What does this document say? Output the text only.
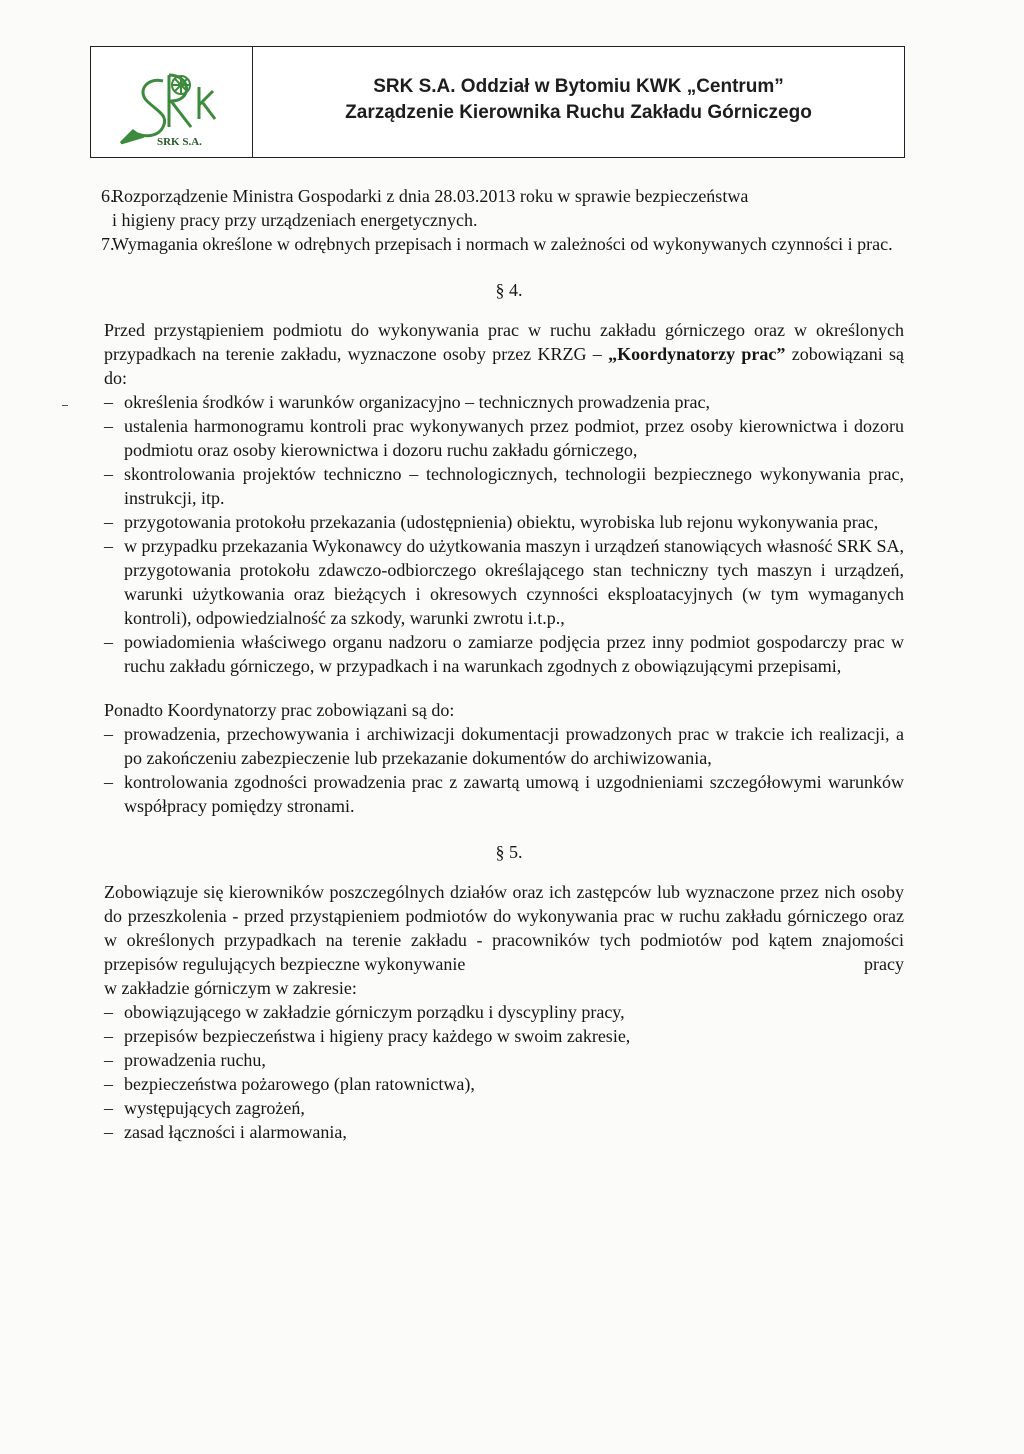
SRK S.A.
SRK S.A. Oddział w Bytomiu KWK „Centrum”
Zarządzenie Kierownika Ruchu Zakładu Górniczego
6.
Rozporządzenie Ministra Gospodarki z dnia 28.03.2013 roku w sprawie bezpieczeństwa
i higieny pracy przy urządzeniach energetycznych.
7.
Wymagania określone w odrębnych przepisach i normach w zależności od wykonywanych czynności i prac.
§ 4.
Przed przystąpieniem podmiotu do wykonywania prac w ruchu zakładu górniczego oraz w określonych przypadkach na terenie zakładu, wyznaczone osoby przez KRZG – „Koordynatorzy prac” zobowiązani są do:
– określenia środków i warunków organizacyjno – technicznych prowadzenia prac,
– ustalenia harmonogramu kontroli prac wykonywanych przez podmiot, przez osoby kierownictwa i dozoru podmiotu oraz osoby kierownictwa i dozoru ruchu zakładu górniczego,
– skontrolowania projektów techniczno – technologicznych, technologii bezpiecznego wykonywania prac, instrukcji, itp.
– przygotowania protokołu przekazania (udostępnienia) obiektu, wyrobiska lub rejonu wykonywania prac,
– w przypadku przekazania Wykonawcy do użytkowania maszyn i urządzeń stanowiących własność SRK SA, przygotowania protokołu zdawczo-odbiorczego określającego stan techniczny tych maszyn i urządzeń, warunki użytkowania oraz bieżących i okresowych czynności eksploatacyjnych (w tym wymaganych kontroli), odpowiedzialność za szkody, warunki zwrotu i.t.p.,
– powiadomienia właściwego organu nadzoru o zamiarze podjęcia przez inny podmiot gospodarczy prac w ruchu zakładu górniczego, w przypadkach i na warunkach zgodnych z obowiązującymi przepisami,
Ponadto Koordynatorzy prac zobowiązani są do:
– prowadzenia, przechowywania i archiwizacji dokumentacji prowadzonych prac w trakcie ich realizacji, a po zakończeniu zabezpieczenie lub przekazanie dokumentów do archiwizowania,
– kontrolowania zgodności prowadzenia prac z zawartą umową i uzgodnieniami szczegółowymi warunków współpracy pomiędzy stronami.
§ 5.
Zobowiązuje się kierowników poszczególnych działów oraz ich zastępców lub wyznaczone przez nich osoby do przeszkolenia - przed przystąpieniem podmiotów do wykonywania prac w ruchu zakładu górniczego oraz w określonych przypadkach na terenie zakładu - pracowników tych podmiotów pod kątem znajomości przepisów regulujących bezpieczne wykonywanie	pracy
w zakładzie górniczym w zakresie:
– obowiązującego w zakładzie górniczym porządku i dyscypliny pracy,
– przepisów bezpieczeństwa i higieny pracy każdego w swoim zakresie,
– prowadzenia ruchu,
– bezpieczeństwa pożarowego (plan ratownictwa),
– występujących zagrożeń,
– zasad łączności i alarmowania,
